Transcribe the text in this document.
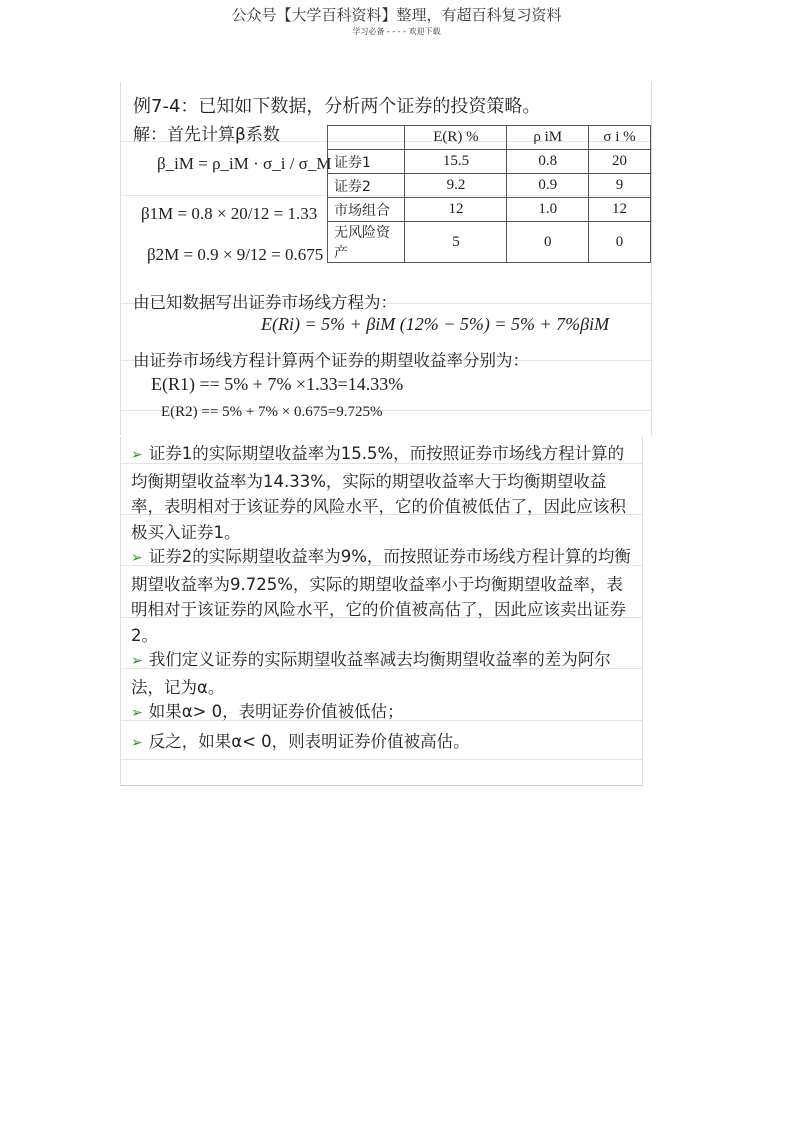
公众号【大学百科资料】整理，有超百科复习资料
学习必备 - - - - 欢迎下载
例7-4：已知如下数据，分析两个证券的投资策略。
解：首先计算β系数
β_iM = ρ_iM · σ_i / σ_M
β1M = 0.8 × 20/12 = 1.33
β2M = 0.9 × 9/12 = 0.675
	E(R) %	ρ iM	σ i %
证券1	15.5	0.8	20
证券2	9.2	0.9	9
市场组合	12	1.0	12
无风险资产	5	0	0
由已知数据写出证券市场线方程为：
E(Ri) = 5% + βiM (12% − 5%) = 5% + 7%βiM
由证券市场线方程计算两个证券的期望收益率分别为：
E(R1) == 5% + 7% ×1.33=14.33%
E(R2) == 5% + 7% × 0.675=9.725%
➢ 证券1的实际期望收益率为15.5%，而按照证券市场线方程计算的均衡期望收益率为14.33%，实际的期望收益率大于均衡期望收益率，表明相对于该证券的风险水平，它的价值被低估了，因此应该积极买入证券1。
➢ 证券2的实际期望收益率为9%，而按照证券市场线方程计算的均衡期望收益率为9.725%，实际的期望收益率小于均衡期望收益率，表明相对于该证券的风险水平，它的价值被高估了，因此应该卖出证券2。
➢ 我们定义证券的实际期望收益率减去均衡期望收益率的差为阿尔法，记为α。
➢ 如果α> 0，表明证券价值被低估；
➢ 反之，如果α< 0，则表明证券价值被高估。
